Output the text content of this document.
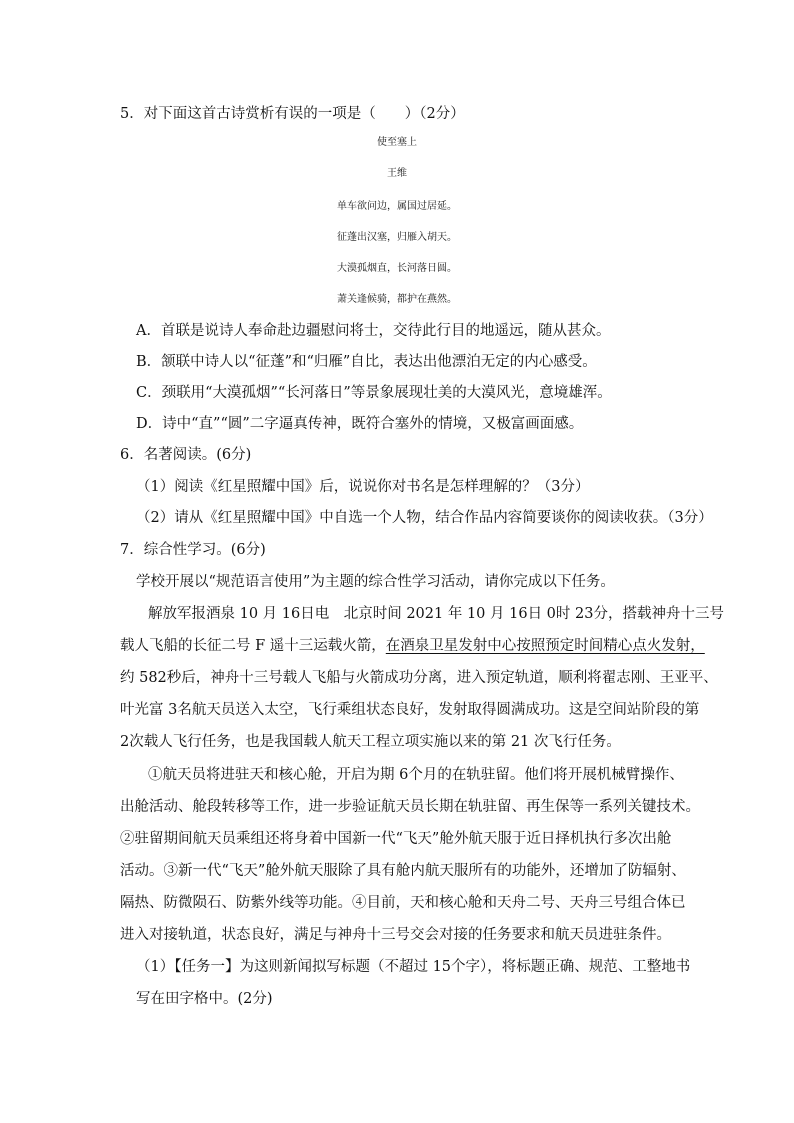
5．对下面这首古诗赏析有误的一项是（　　）（2分）
使至塞上
王维
单车欲问边，属国过居延。
征蓬出汉塞，归雁入胡天。
大漠孤烟直，长河落日圆。
萧关逢候骑，都护在燕然。
A．首联是说诗人奉命赴边疆慰问将士，交待此行目的地遥远，随从甚众。
B．颔联中诗人以“征蓬”和“归雁”自比，表达出他漂泊无定的内心感受。
C．颈联用“大漠孤烟”“长河落日”等景象展现壮美的大漠风光，意境雄浑。
D．诗中“直”“圆”二字逼真传神，既符合塞外的情境，又极富画面感。
6．名著阅读。(6分)
（1）阅读《红星照耀中国》后，说说你对书名是怎样理解的？（3分）
（2）请从《红星照耀中国》中自选一个人物，结合作品内容简要谈你的阅读收获。（3分）
7．综合性学习。(6分)
学校开展以“规范语言使用”为主题的综合性学习活动，请你完成以下任务。
解放军报酒泉 10 月 16日电　北京时间 2021 年 10 月 16日 0时 23分，搭载神舟十三号
载人飞船的长征二号 F 遥十三运载火箭，在酒泉卫星发射中心按照预定时间精心点火发射，
约 582秒后，神舟十三号载人飞船与火箭成功分离，进入预定轨道，顺利将翟志刚、王亚平、
叶光富 3名航天员送入太空，飞行乘组状态良好，发射取得圆满成功。这是空间站阶段的第
2次载人飞行任务，也是我国载人航天工程立项实施以来的第 21 次飞行任务。
①航天员将进驻天和核心舱，开启为期 6个月的在轨驻留。他们将开展机械臂操作、
出舱活动、舱段转移等工作，进一步验证航天员长期在轨驻留、再生保等一系列关键技术。
②驻留期间航天员乘组还将身着中国新一代“飞天”舱外航天服于近日择机执行多次出舱
活动。③新一代“飞天”舱外航天服除了具有舱内航天服所有的功能外，还增加了防辐射、
隔热、防微陨石、防紫外线等功能。④目前，天和核心舱和天舟二号、天舟三号组合体已
进入对接轨道，状态良好，满足与神舟十三号交会对接的任务要求和航天员进驻条件。
（1）【任务一】为这则新闻拟写标题（不超过 15个字），将标题正确、规范、工整地书
写在田字格中。(2分)
